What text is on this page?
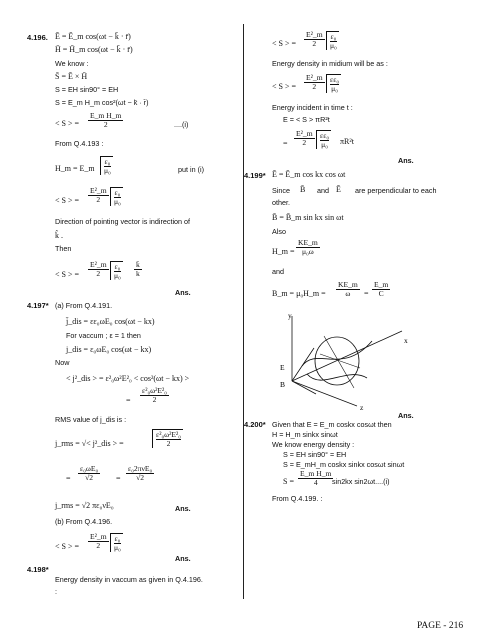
4.196. Ē = Ē_m cos(ωt − k̄ · r̄)
H̄ = H̄_m cos(ωt − k̄ · r̄)
We know :
S̄ = Ē × H̄
S = EH sin90° = EH
S = E_m H_m cos²(ωt − k̄ · r̄)
< S > = $\frac{\text{E\_m H\_m}}{2}$	....(i)
From Q.4.193 :
H_m = E_m $\frac{\text{ε₀}}{\text{μ₀}}$	put in (i)
< S > = $\frac{\text{E²\_m}}{2} \frac{\text{ε₀}}{\text{μ₀}}$
Direction of pointing vector is indirection of
k̂ .
Then
< S > = $\frac{\text{E²\_m}}{2} \frac{\text{ε₀}}{\text{μ₀}} \frac{k̄}{k}$
Ans.
4.197* (a) From Q.4.191.
j̄_dis = εε₀ωE₀ cos(ωt − kx)
For vaccum ; ε = 1 then
j_dis = ε₀ωE₀ cos(ωt − kx)
Now
< j²_dis > = ε²₀ω²E²₀ < cos²(ωt − kx) >
= $\frac{\text{ε²₀ω²E²₀}}{2}$
RMS value of j_dis is :
j_rms = √< j²_dis > =	$\frac{\text{ε²₀ω²E²₀}}{2}$
= $\frac{\text{ε₀ωE₀}}{√2}$ =
ε₀2πνE₀
√2
j_rms = √2 πε₀νE₀	Ans.
(b) From Q.4.196.
< S > = $\frac{\text{E²\_m}}{2} \frac{\text{ε₀}}{\text{μ₀}}$
Ans.
4.198*
Energy density in vaccum as given in Q.4.196.
:
< S > = $\frac{\text{E²\_m}}{2} \frac{\text{ε₀}}{\text{μ₀}}$
Energy density in midium will be as :
< S > = $\frac{\text{E²\_m}}{2} \frac{\text{εε₀}}{\text{μ₀}}$
Energy incident in time t :
E = < S > πR²t
= $\frac{\text{E²\_m}}{2} \frac{\text{εε₀}}{\text{μ₀}} \pi R^2t$
Ans.
4.199* Ē = Ē_m cos kx cos ωt
Since B̄ and Ē are perpendicular to each
other.
B̄ = B̄_m sin kx sin ωt
Also
H_m = $\frac{KE\_m}{\text{μ₀ω}}$
and
B_m = μ₀H_m = $\frac{KE\_m}{\omega} = \frac{E\_m}{C}$
y
x
z
E
B
Ans.
4.200* Given that E = E_m coskx cosωt then
H = H_m sinkx sinωt
We know energy density :
S = EH sin90° = EH
S = E_mH_m coskx sinkx cosωt sinωt
$S = \frac{\text{E\_m H\_m}}{4}$
sin2kx sin2ωt....(i)
From Q.4.199. :
PAGE - 216
